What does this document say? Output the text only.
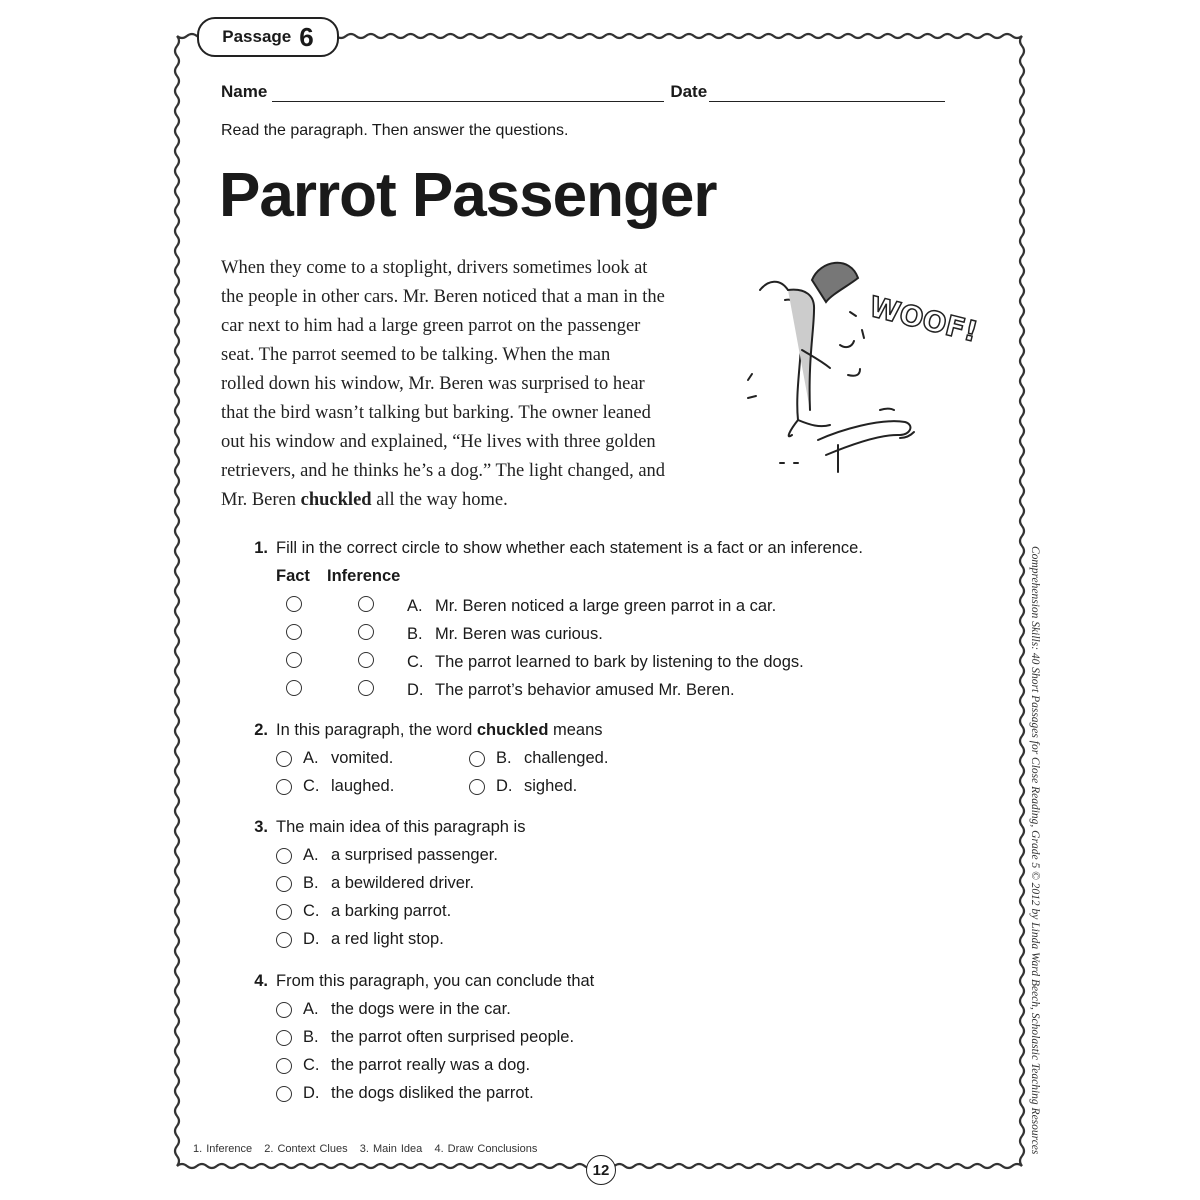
Passage 6
Name	Date
Read the paragraph. Then answer the questions.
Parrot Passenger
When they come to a stoplight, drivers sometimes look at
the people in other cars. Mr. Beren noticed that a man in the
car next to him had a large green parrot on the passenger
seat. The parrot seemed to be talking. When the man
rolled down his window, Mr. Beren was surprised to hear
that the bird wasn’t talking but barking. The owner leaned
out his window and explained, “He lives with three golden
retrievers, and he thinks he’s a dog.” The light changed, and
Mr. Beren chuckled all the way home.
WOOF!
1. Fill in the correct circle to show whether each statement is a fact or an inference.
Fact Inference
A. Mr. Beren noticed a large green parrot in a car.
B. Mr. Beren was curious.
C. The parrot learned to bark by listening to the dogs.
D. The parrot’s behavior amused Mr. Beren.
2. In this paragraph, the word chuckled means
A. vomited.	B. challenged.
C. laughed.	D. sighed.
3. The main idea of this paragraph is
A. a surprised passenger.
B. a bewildered driver.
C. a barking parrot.
D. a red light stop.
4. From this paragraph, you can conclude that
A. the dogs were in the car.
B. the parrot often surprised people.
C. the parrot really was a dog.
D. the dogs disliked the parrot.
1. Inference   2. Context Clues   3. Main Idea   4. Draw Conclusions
12
Comprehension Skills: 40 Short Passages for Close Reading, Grade 5 © 2012 by Linda Ward Beech, Scholastic Teaching Resources
